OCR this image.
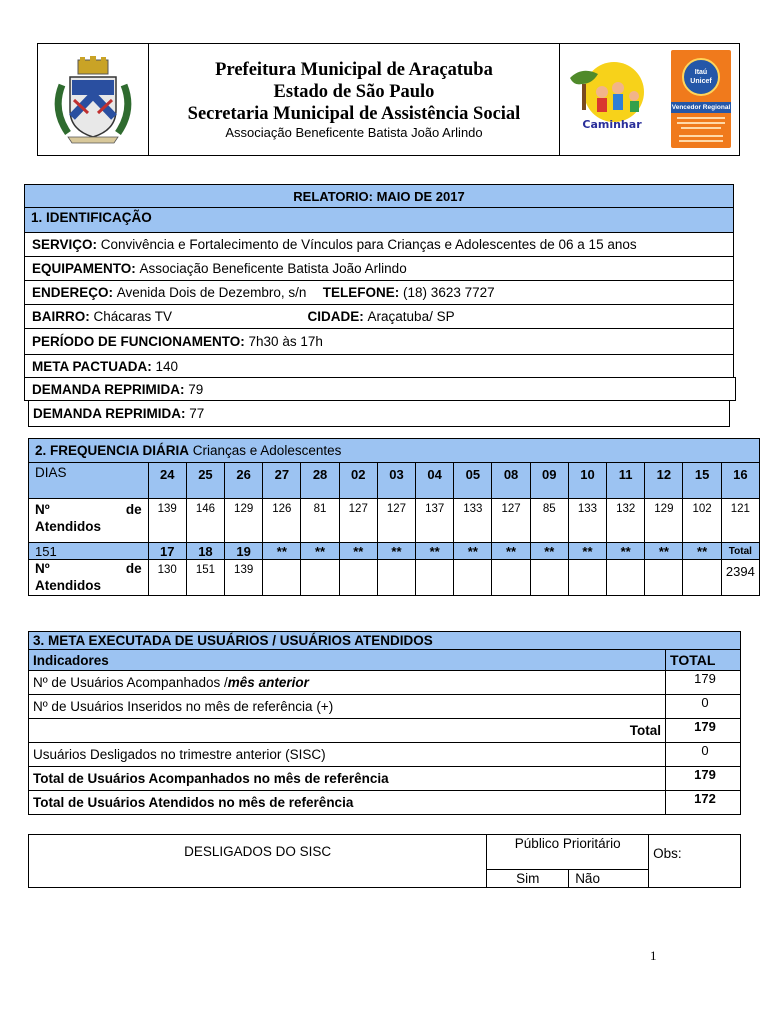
Prefeitura Municipal de Araçatuba
Estado de São Paulo
Secretaria Municipal de Assistência Social
Associação Beneficente Batista João Arlindo	Caminhar
Itaú Unicef
Vencedor Regional
RELATORIO: MAIO DE 2017
1. IDENTIFICAÇÃO
SERVIÇO:
Convivência e Fortalecimento de Vínculos para Crianças e Adolescentes de 06 a 15 anos
EQUIPAMENTO:
Associação Beneficente Batista João Arlindo
ENDEREÇO:
Avenida Dois de Dezembro, s/n	TELEFONE:
(18) 3623 7727
BAIRRO:
Chácaras TV	CIDADE:
Araçatuba/ SP
PERÍODO DE FUNCIONAMENTO:
7h30 às 17h
META PACTUADA:
140
DEMANDA REPRIMIDA:
79
DEMANDA REPRIMIDA:
77
2. FREQUENCIA DIÁRIA Crianças e Adolescentes																
DIAS	24	25	26	27	28	02	03	04	05	08	09	10	11	12	15	16

Nº de
Atendidos	139	146	129	126	81	127	127	137	133	127	85	133	132	129	102	121
151	17	18	19	**	**	**	**	**	**	**	**	**	**	**	**	Total

Nº de
Atendidos	130	151	139													2394
3. META EXECUTADA DE USUÁRIOS / USUÁRIOS ATENDIDOS	
Indicadores	TOTAL
Nº de Usuários Acompanhados /mês anterior	179
Nº de Usuários Inseridos no mês de referência (+)	0
Total	179
Usuários Desligados no trimestre anterior (SISC)	0
Total de Usuários Acompanhados no mês de referência	179
Total de Usuários Atendidos no mês de referência	172
DESLIGADOS DO SISC	Público Prioritário		Obs:
	Sim	Não	
1
